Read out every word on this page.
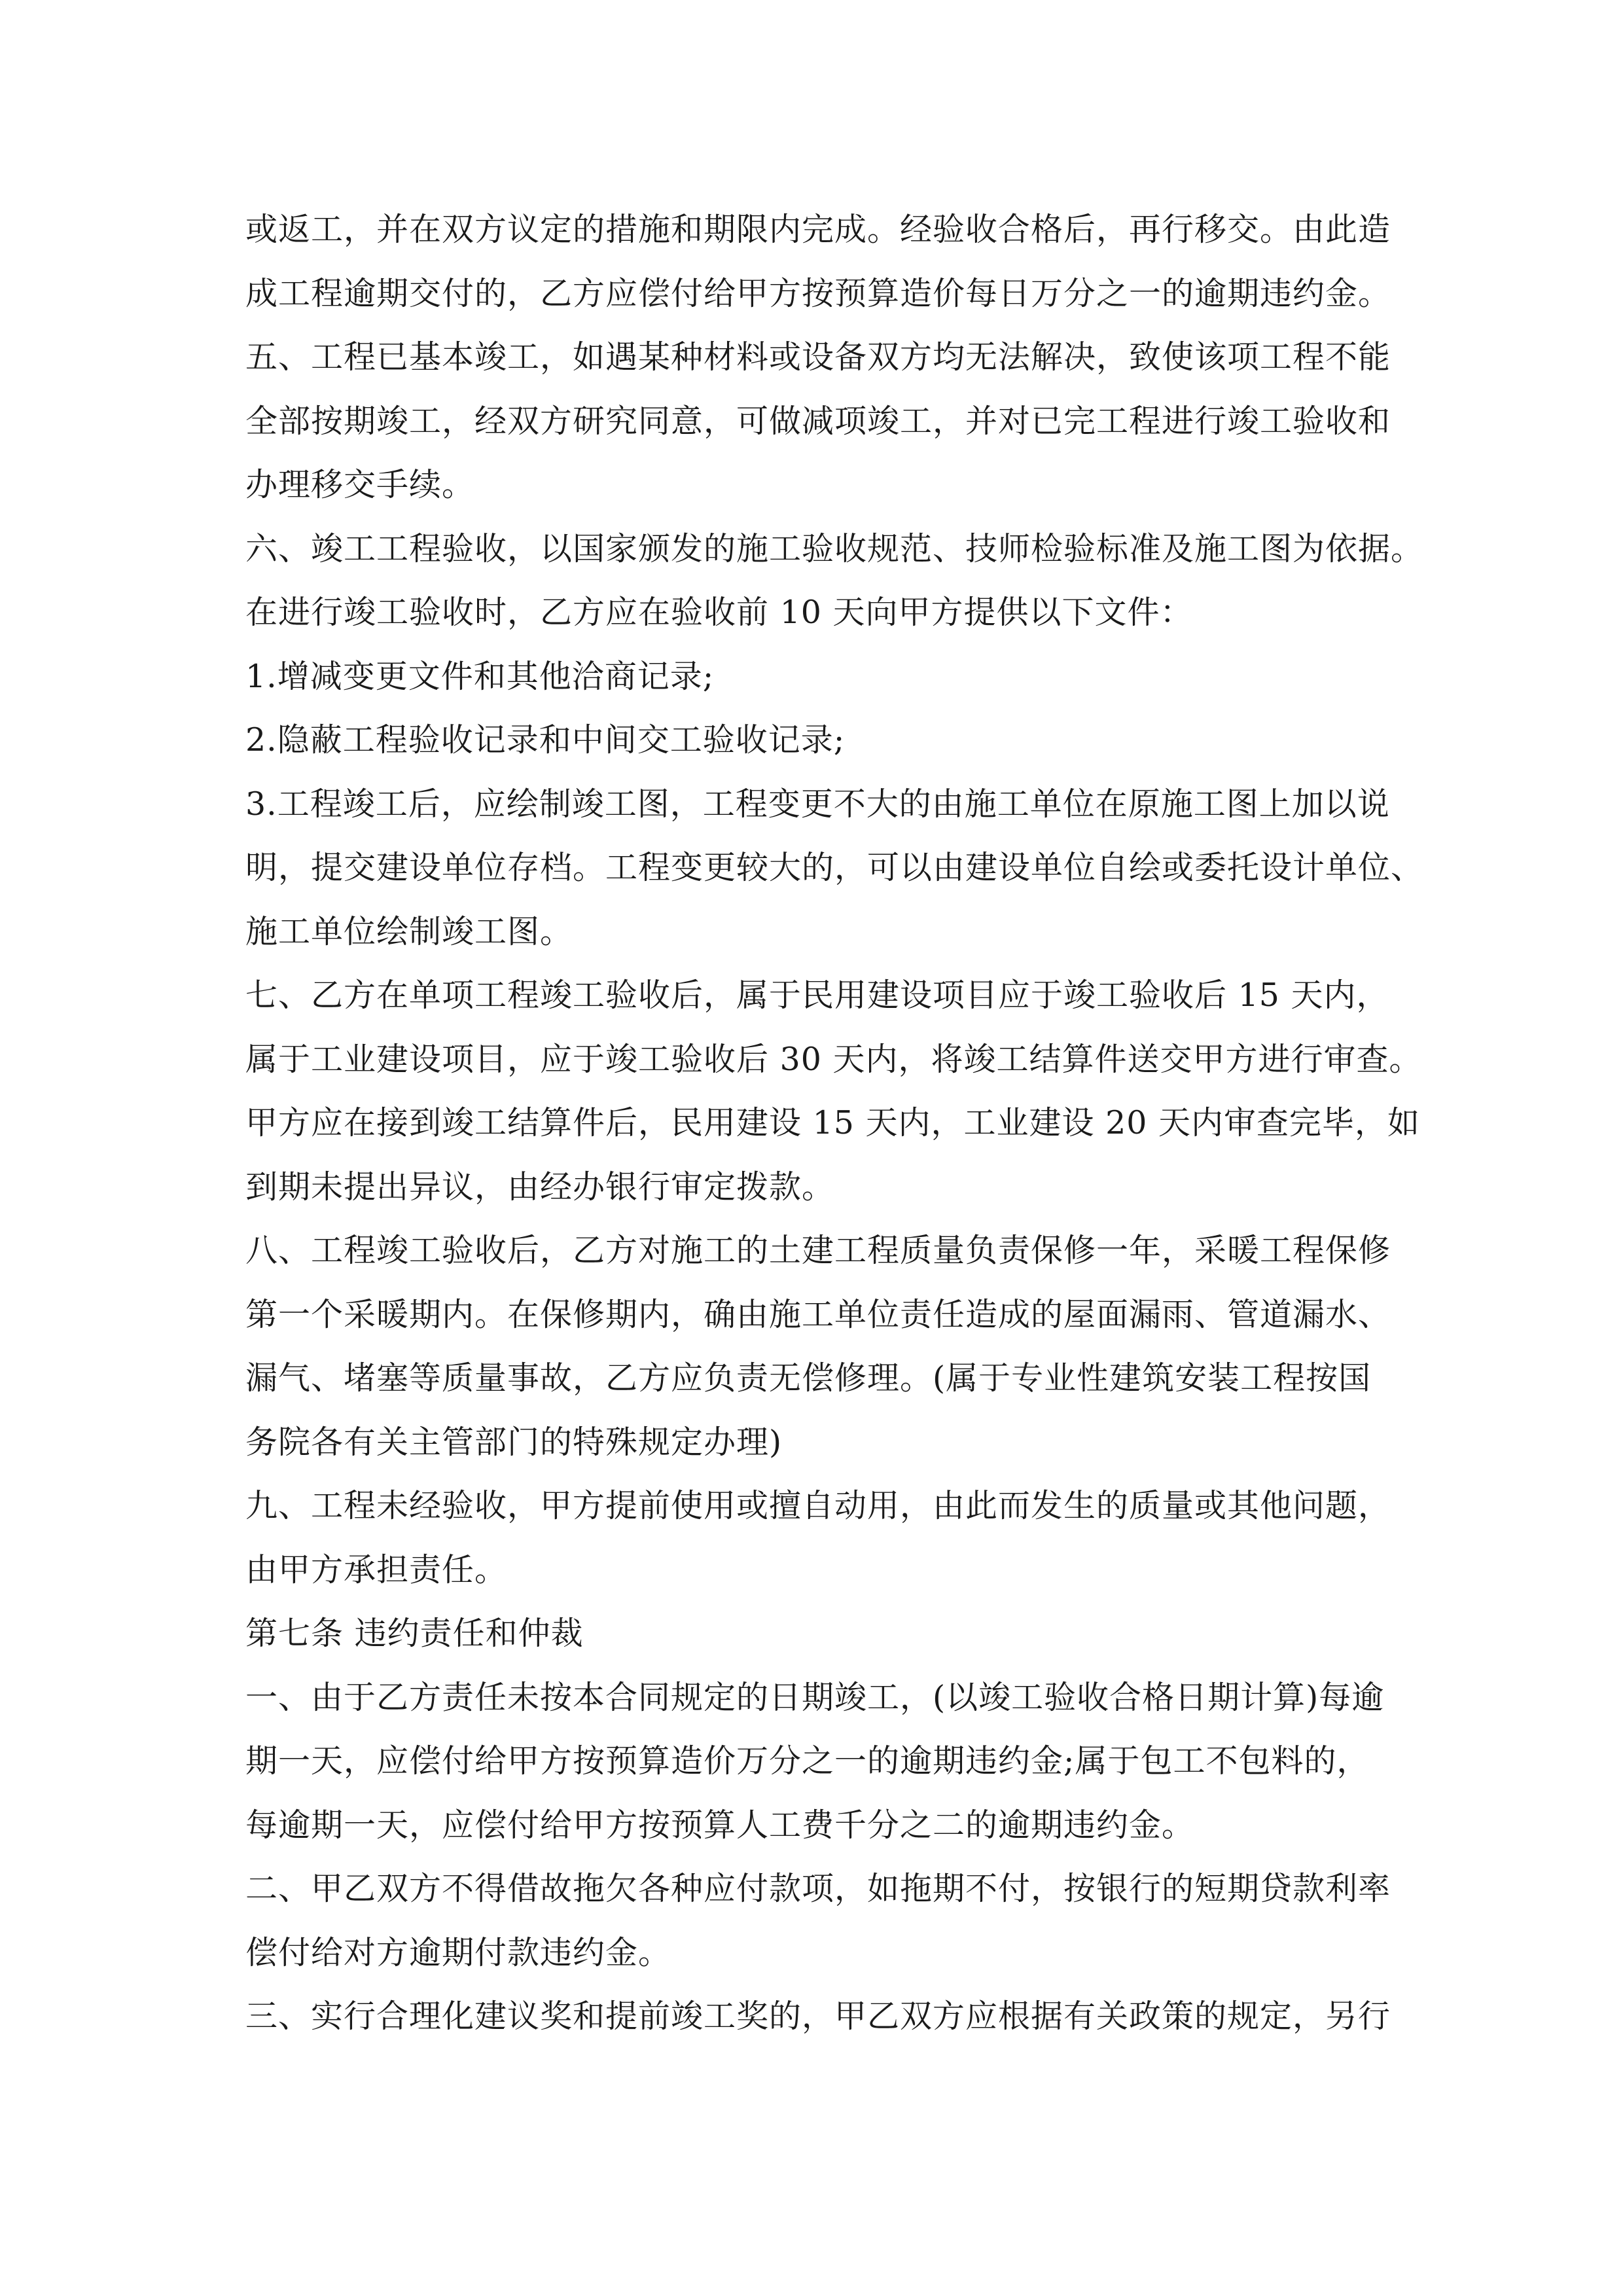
或返工，并在双方议定的措施和期限内完成。经验收合格后，再行移交。由此造
成工程逾期交付的，乙方应偿付给甲方按预算造价每日万分之一的逾期违约金。
五、工程已基本竣工，如遇某种材料或设备双方均无法解决，致使该项工程不能
全部按期竣工，经双方研究同意，可做减项竣工，并对已完工程进行竣工验收和
办理移交手续。
六、竣工工程验收，以国家颁发的施工验收规范、技师检验标准及施工图为依据。
在进行竣工验收时，乙方应在验收前 10 天向甲方提供以下文件：
1.增减变更文件和其他洽商记录;
2.隐蔽工程验收记录和中间交工验收记录;
3.工程竣工后，应绘制竣工图，工程变更不大的由施工单位在原施工图上加以说
明，提交建设单位存档。工程变更较大的，可以由建设单位自绘或委托设计单位、
施工单位绘制竣工图。
七、乙方在单项工程竣工验收后，属于民用建设项目应于竣工验收后 15 天内，
属于工业建设项目，应于竣工验收后 30 天内，将竣工结算件送交甲方进行审查。
甲方应在接到竣工结算件后，民用建设 15 天内，工业建设 20 天内审查完毕，如
到期未提出异议，由经办银行审定拨款。
八、工程竣工验收后，乙方对施工的土建工程质量负责保修一年，采暖工程保修
第一个采暖期内。在保修期内，确由施工单位责任造成的屋面漏雨、管道漏水、
漏气、堵塞等质量事故，乙方应负责无偿修理。(属于专业性建筑安装工程按国
务院各有关主管部门的特殊规定办理)
九、工程未经验收，甲方提前使用或擅自动用，由此而发生的质量或其他问题，
由甲方承担责任。
第七条 违约责任和仲裁
一、由于乙方责任未按本合同规定的日期竣工，(以竣工验收合格日期计算)每逾
期一天，应偿付给甲方按预算造价万分之一的逾期违约金;属于包工不包料的，
每逾期一天，应偿付给甲方按预算人工费千分之二的逾期违约金。
二、甲乙双方不得借故拖欠各种应付款项，如拖期不付，按银行的短期贷款利率
偿付给对方逾期付款违约金。
三、实行合理化建议奖和提前竣工奖的，甲乙双方应根据有关政策的规定，另行
